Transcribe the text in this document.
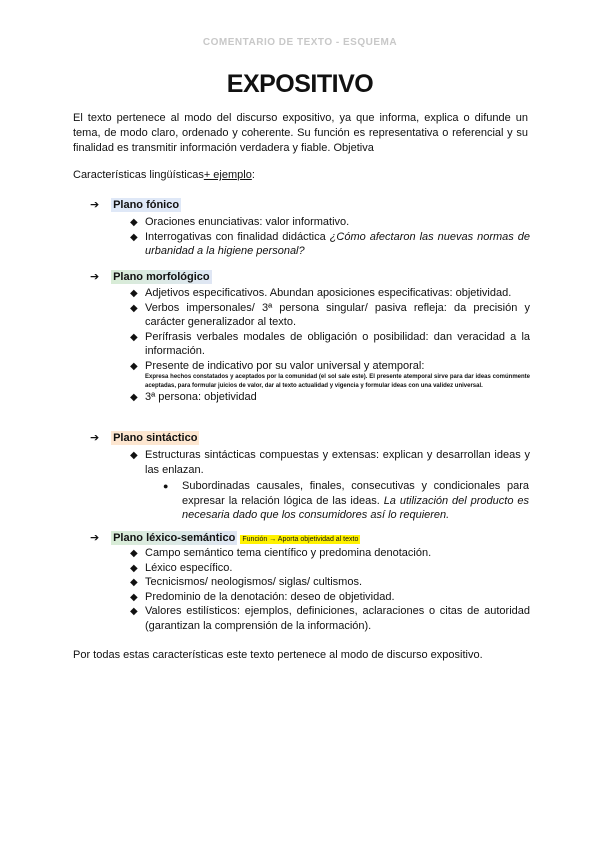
COMENTARIO DE TEXTO - ESQUEMA
EXPOSITIVO

El texto pertenece al modo del discurso expositivo, ya que informa, explica o difunde un tema, de modo claro, ordenado y coherente. Su función es representativa o referencial y su finalidad es transmitir información verdadera y fiable. Objetiva

Características lingüísticas+ ejemplo:
➔ Plano fónico
◆ Oraciones enunciativas: valor informativo.
◆ Interrogativas con finalidad didáctica ¿Cómo afectaron las nuevas normas de urbanidad a la higiene personal?
➔ Plano morfológico
◆ Adjetivos especificativos. Abundan aposiciones especificativas: objetividad.
◆ Verbos impersonales/ 3ª persona singular/ pasiva refleja: da precisión y carácter generalizador al texto.
◆ Perífrasis verbales modales de obligación o posibilidad: dan veracidad a la información.
◆ Presente de indicativo por su valor universal y atemporal:
Expresa hechos constatados y aceptados por la comunidad (el sol sale este). El presente atemporal sirve para dar ideas comúnmente aceptadas, para formular juicios de valor, dar al texto actualidad y vigencia y formular ideas con una validez universal.
◆ 3ª persona: objetividad
➔ Plano sintáctico
◆ Estructuras sintácticas compuestas y extensas: explican y desarrollan ideas y las enlazan.
● Subordinadas causales, finales, consecutivas y condicionales para expresar la relación lógica de las ideas. La utilización del producto es necesaria dado que los consumidores así lo requieren.
➔ Plano léxico-semántico Función → Aporta objetividad al texto
◆ Campo semántico tema científico y predomina denotación.
◆ Léxico específico.
◆ Tecnicismos/ neologismos/ siglas/ cultismos.
◆ Predominio de la denotación: deseo de objetividad.
◆ Valores estilísticos: ejemplos, definiciones, aclaraciones o citas de autoridad (garantizan la comprensión de la información).

Por todas estas características este texto pertenece al modo de discurso expositivo.
